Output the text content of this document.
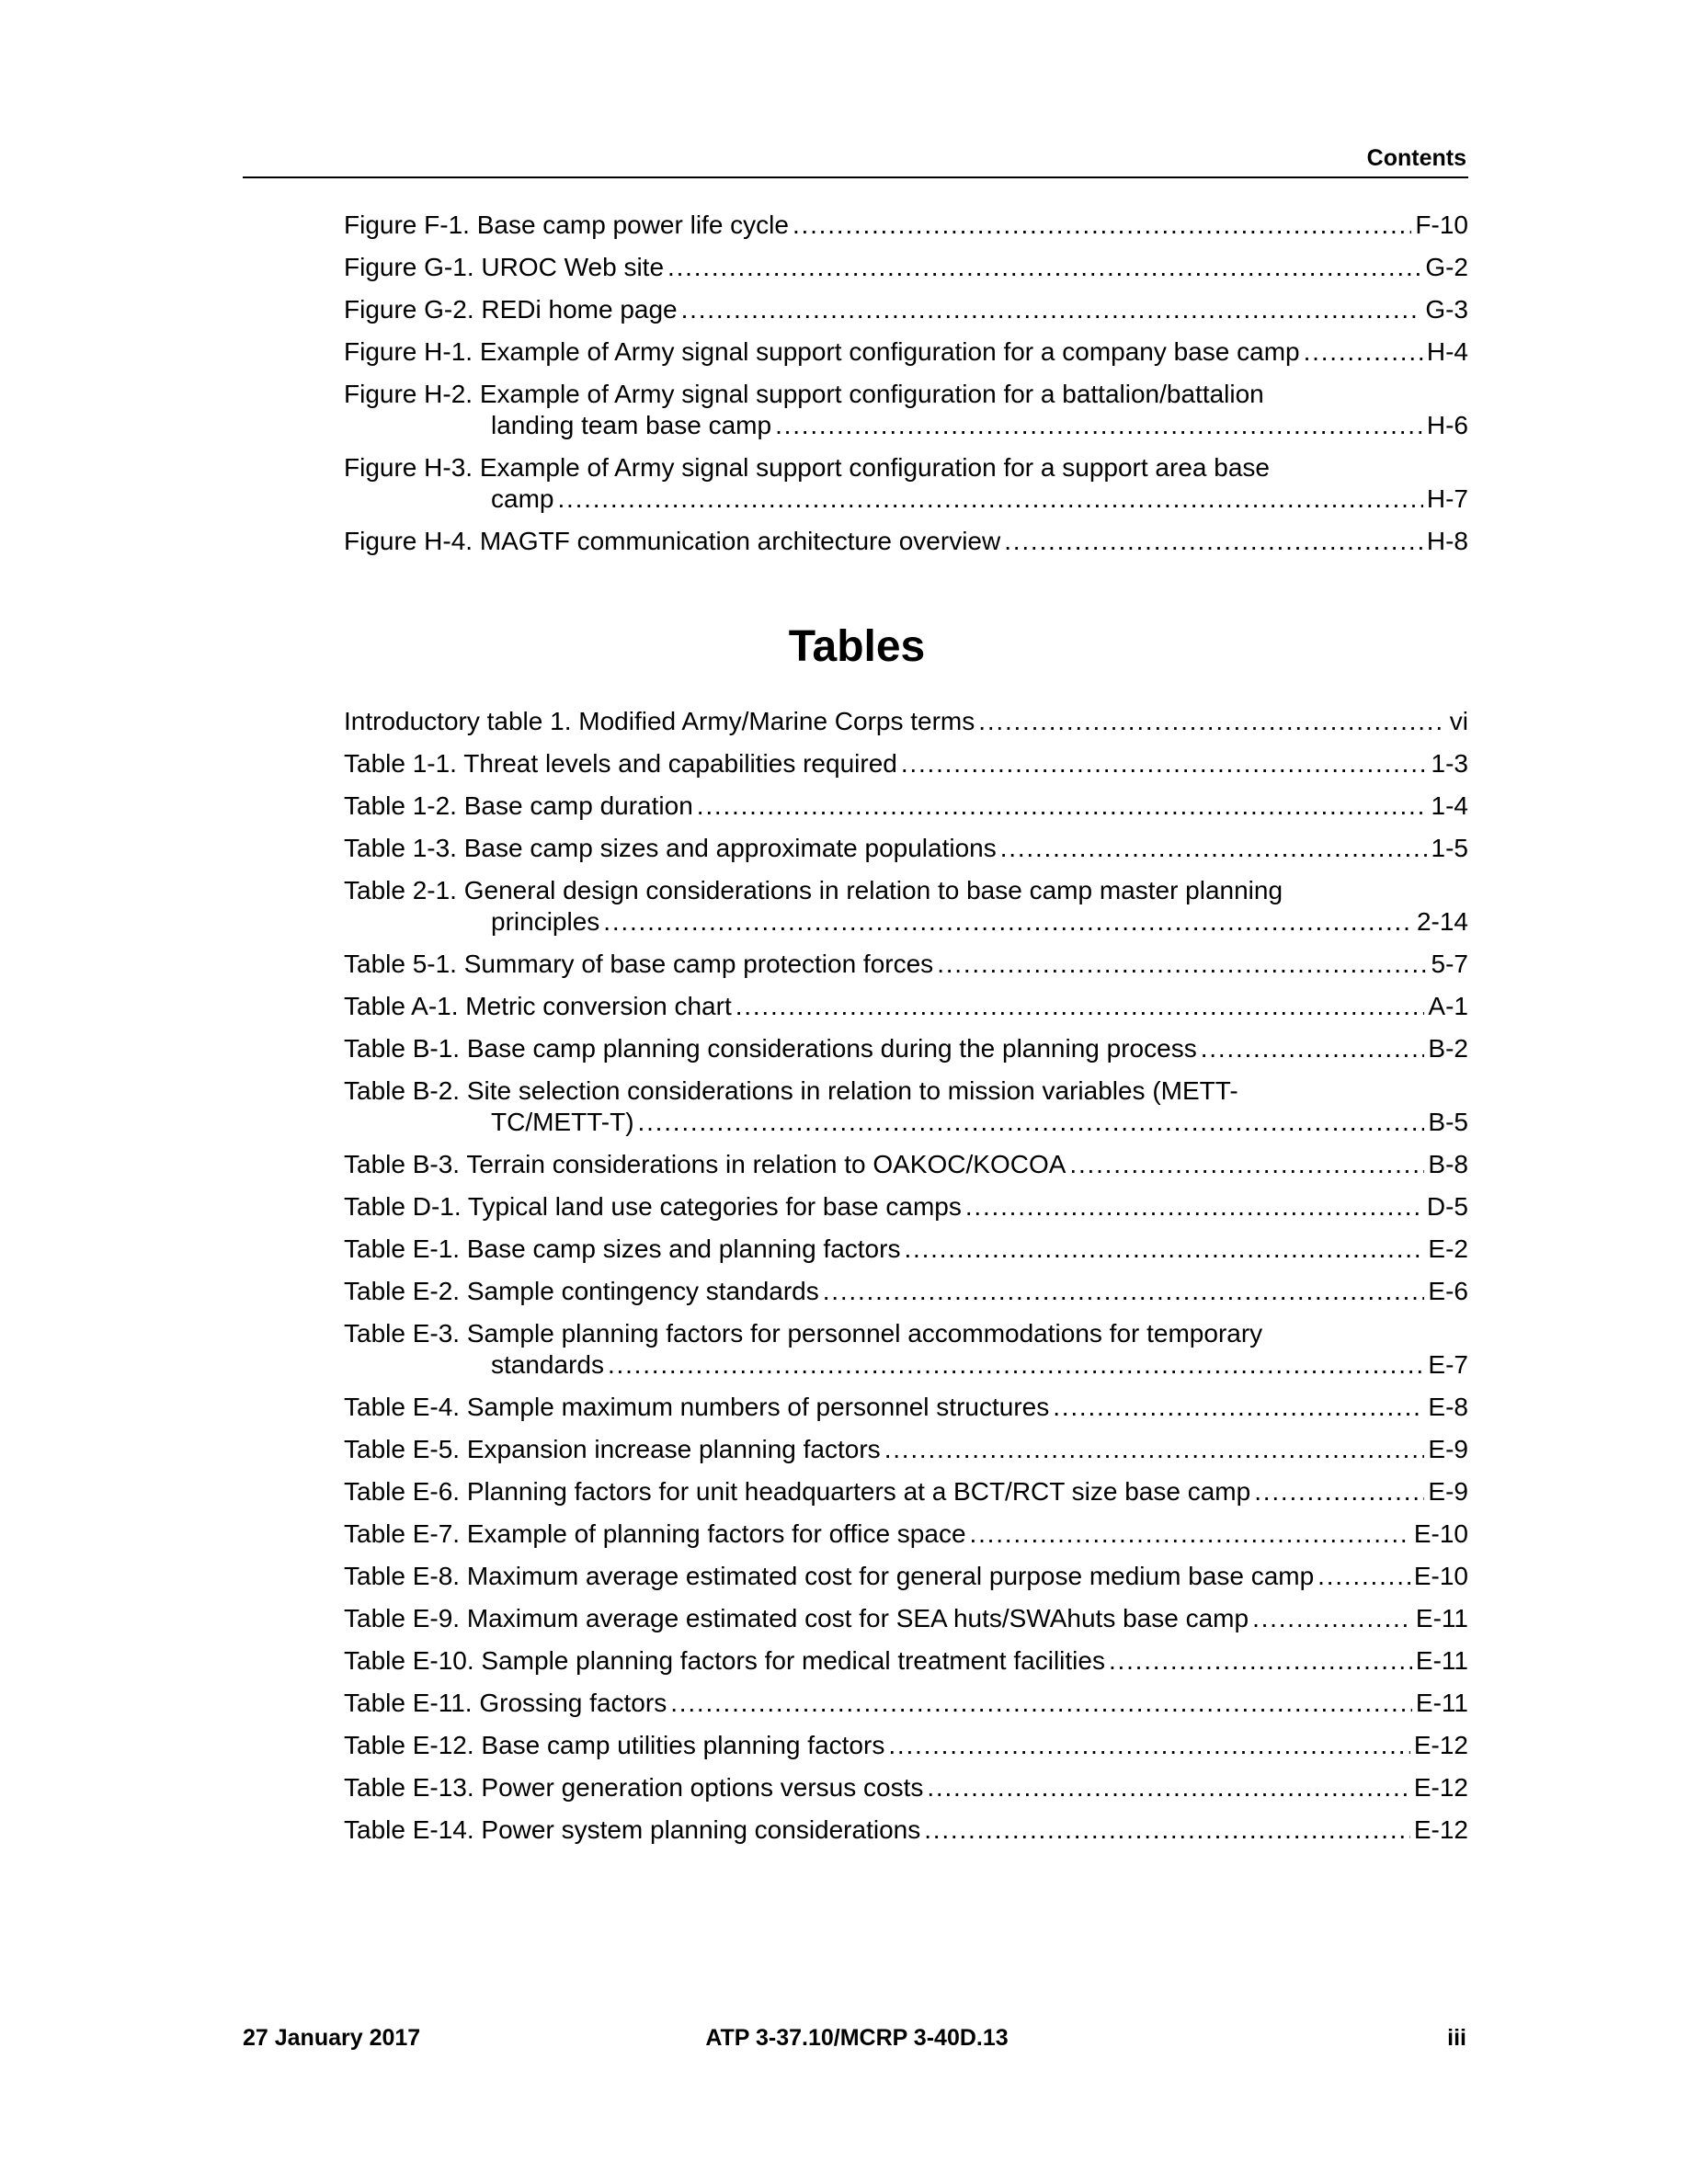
Contents
Figure F-1. Base camp power life cycle . . .	F-10
Figure G-1. UROC Web site . . .	G-2
Figure G-2. REDi home page . . .	G-3
Figure H-1. Example of Army signal support configuration for a company base camp . . .	H-4
Figure H-2. Example of Army signal support configuration for a battalion/battalion
landing team base camp . . .	H-6
Figure H-3. Example of Army signal support configuration for a support area base
camp . . .	H-7
Figure H-4. MAGTF communication architecture overview . . .	H-8
Tables
Introductory table 1. Modified Army/Marine Corps terms . . .	vi
Table 1-1. Threat levels and capabilities required . . .	1-3
Table 1-2. Base camp duration . . .	1-4
Table 1-3. Base camp sizes and approximate populations . . .	1-5
Table 2-1. General design considerations in relation to base camp master planning
principles . . .	2-14
Table 5-1. Summary of base camp protection forces . . .	5-7
Table A-1. Metric conversion chart . . .	A-1
Table B-1. Base camp planning considerations during the planning process . . .	B-2
Table B-2. Site selection considerations in relation to mission variables (METT-
TC/METT-T) . . .	B-5
Table B-3. Terrain considerations in relation to OAKOC/KOCOA . . .	B-8
Table D-1. Typical land use categories for base camps . . .	D-5
Table E-1. Base camp sizes and planning factors . . .	E-2
Table E-2. Sample contingency standards . . .	E-6
Table E-3. Sample planning factors for personnel accommodations for temporary
standards . . .	E-7
Table E-4. Sample maximum numbers of personnel structures . . .	E-8
Table E-5. Expansion increase planning factors . . .	E-9
Table E-6. Planning factors for unit headquarters at a BCT/RCT size base camp . . .	E-9
Table E-7. Example of planning factors for office space . . .	E-10
Table E-8. Maximum average estimated cost for general purpose medium base camp . . .	E-10
Table E-9. Maximum average estimated cost for SEA huts/SWAhuts base camp . . .	E-11
Table E-10. Sample planning factors for medical treatment facilities . . .	E-11
Table E-11. Grossing factors . . .	E-11
Table E-12. Base camp utilities planning factors . . .	E-12
Table E-13. Power generation options versus costs . . .	E-12
Table E-14. Power system planning considerations . . .	E-12
27 January 2017	ATP 3-37.10/MCRP 3-40D.13	iii
